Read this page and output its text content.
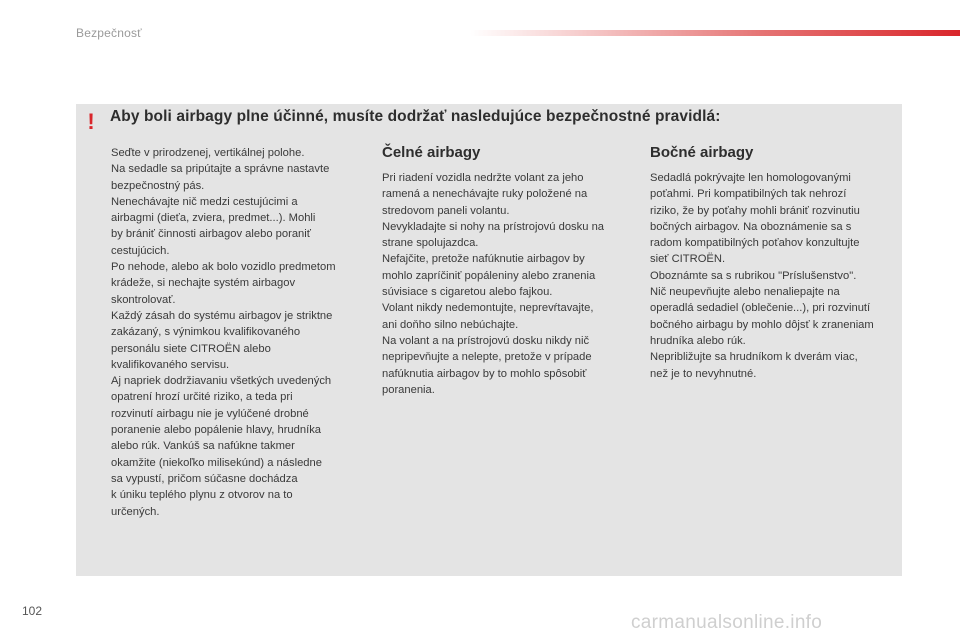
Bezpečnosť
! Aby boli airbagy plne účinné, musíte dodržať nasledujúce bezpečnostné pravidlá:

Seďte v prirodzenej, vertikálnej polohe.
Na sedadle sa pripútajte a správne nastavte
bezpečnostný pás.
Nenechávajte nič medzi cestujúcimi a
airbagmi (dieťa, zviera, predmet...). Mohli
by brániť činnosti airbagov alebo poraniť
cestujúcich.
Po nehode, alebo ak bolo vozidlo predmetom
krádeže, si nechajte systém airbagov
skontrolovať.
Každý zásah do systému airbagov je striktne
zakázaný, s výnimkou kvalifikovaného
personálu siete CITROËN alebo
kvalifikovaného servisu.
Aj napriek dodržiavaniu všetkých uvedených
opatrení hrozí určité riziko, a teda pri
rozvinutí airbagu nie je vylúčené drobné
poranenie alebo popálenie hlavy, hrudníka
alebo rúk. Vankúš sa nafúkne takmer
okamžite (niekoľko milisekúnd) a následne
sa vypustí, pričom súčasne dochádza
k úniku teplého plynu z otvorov na to
určených.

Čelné airbagy

Pri riadení vozidla nedržte volant za jeho
ramená a nenechávajte ruky položené na
stredovom paneli volantu.
Nevykladajte si nohy na prístrojovú dosku na
strane spolujazdca.
Nefajčite, pretože nafúknutie airbagov by
mohlo zapríčiniť popáleniny alebo zranenia
súvisiace s cigaretou alebo fajkou.
Volant nikdy nedemontujte, neprevŕtavajte,
ani doňho silno nebúchajte.
Na volant a na prístrojovú dosku nikdy nič
nepripevňujte a nelepte, pretože v prípade
nafúknutia airbagov by to mohlo spôsobiť
poranenia.

Bočné airbagy

Sedadlá pokrývajte len homologovanými
poťahmi. Pri kompatibilných tak nehrozí
riziko, že by poťahy mohli brániť rozvinutiu
bočných airbagov. Na oboznámenie sa s
radom kompatibilných poťahov konzultujte
sieť CITROËN.
Oboznámte sa s rubrikou "Príslušenstvo".
Nič neupevňujte alebo nenaliepajte na
operadlá sedadiel (oblečenie...), pri rozvinutí
bočného airbagu by mohlo dôjsť k zraneniam
hrudníka alebo rúk.
Nepribližujte sa hrudníkom k dverám viac,
než je to nevyhnutné.

102
carmanualsonline.info
